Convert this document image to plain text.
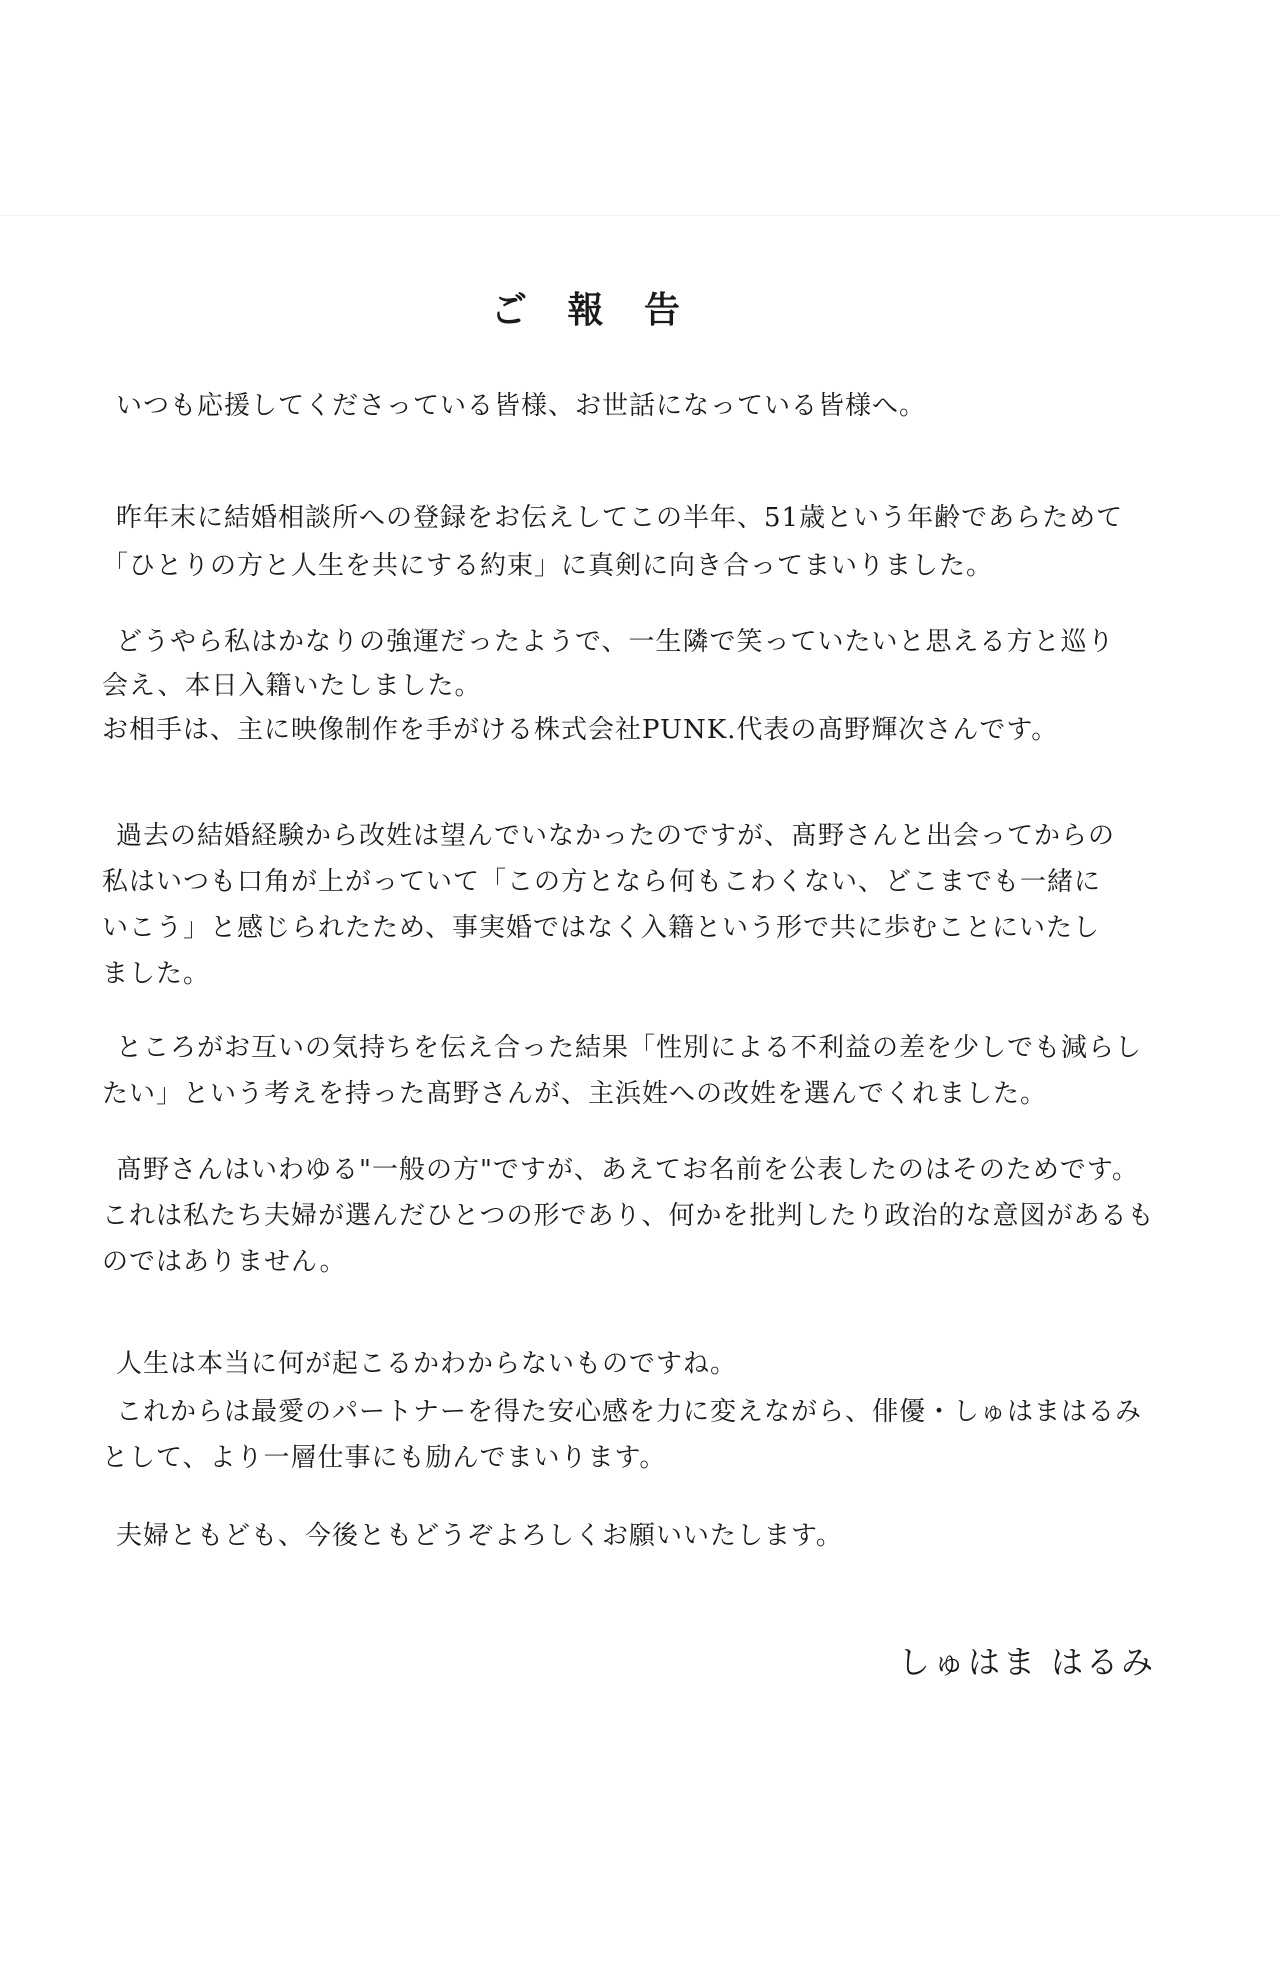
ご 報 告
いつも応援してくださっている皆様、お世話になっている皆様へ。
昨年末に結婚相談所への登録をお伝えしてこの半年、51歳という年齢であらためて
「ひとりの方と人生を共にする約束」に真剣に向き合ってまいりました。
どうやら私はかなりの強運だったようで、一生隣で笑っていたいと思える方と巡り
会え、本日入籍いたしました。
お相手は、主に映像制作を手がける株式会社PUNK.代表の髙野輝次さんです。
過去の結婚経験から改姓は望んでいなかったのですが、髙野さんと出会ってからの
私はいつも口角が上がっていて「この方となら何もこわくない、どこまでも一緒に
いこう」と感じられたため、事実婚ではなく入籍という形で共に歩むことにいたし
ました。
ところがお互いの気持ちを伝え合った結果「性別による不利益の差を少しでも減らし
たい」という考えを持った髙野さんが、主浜姓への改姓を選んでくれました。
髙野さんはいわゆる"一般の方"ですが、あえてお名前を公表したのはそのためです。
これは私たち夫婦が選んだひとつの形であり、何かを批判したり政治的な意図があるも
のではありません。
人生は本当に何が起こるかわからないものですね。
これからは最愛のパートナーを得た安心感を力に変えながら、俳優・しゅはまはるみ
として、より一層仕事にも励んでまいります。
夫婦ともども、今後ともどうぞよろしくお願いいたします。
しゅはま はるみ
